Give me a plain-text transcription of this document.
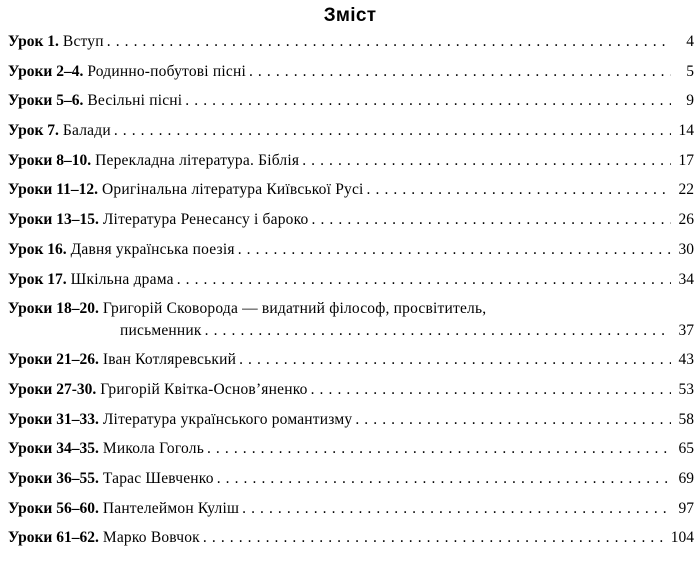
Зміст
Урок 1. Вступ . . .	4
Уроки 2–4. Родинно-побутові пісні . . .	5
Уроки 5–6. Весільні пісні . . .	9
Урок 7. Балади . . .	14
Уроки 8–10. Перекладна література. Біблія . . .	17
Уроки 11–12. Оригінальна література Київської Русі . . .	22
Уроки 13–15. Література Ренесансу і бароко . . .	26
Урок 16. Давня українська поезія . . .	30
Урок 17. Шкільна драма . . .	34
Уроки 18–20. Григорій Сковорода — видатний філософ, просвітитель,
письменник . . .	37
Уроки 21–26. Іван Котляревський . . .	43
Уроки 27-30. Григорій Квітка-Основ’яненко . . .	53
Уроки 31–33. Література українського романтизму . . .	58
Уроки 34–35. Микола Гоголь . . .	65
Уроки 36–55. Тарас Шевченко . . .	69
Уроки 56–60. Пантелеймон Куліш . . .	97
Уроки 61–62. Марко Вовчок . . .	104
